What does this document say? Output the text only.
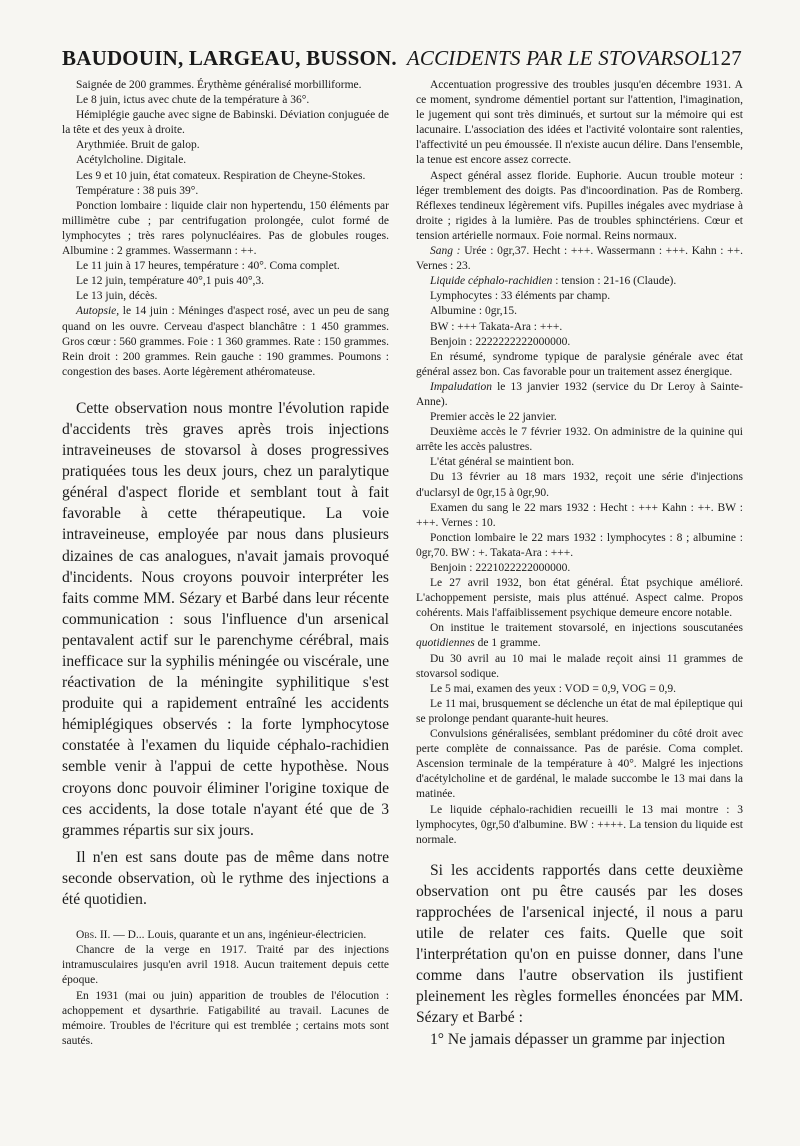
BAUDOUIN, LARGEAU, BUSSON. ACCIDENTS PAR LE STOVARSOL
127

Saignée de 200 grammes. Érythème généralisé morbilliforme.

Le 8 juin, ictus avec chute de la température à 36°.

Hémiplégie gauche avec signe de Babinski. Déviation conjuguée de la tête et des yeux à droite.

Arythmiée. Bruit de galop.

Acétylcholine. Digitale.

Les 9 et 10 juin, état comateux. Respiration de Cheyne-Stokes.

Température : 38 puis 39°.

Ponction lombaire : liquide clair non hypertendu, 150 éléments par millimètre cube ; par centrifugation prolongée, culot formé de lymphocytes ; très rares polynucléaires. Pas de globules rouges. Albumine : 2 grammes. Wassermann : ++.

Le 11 juin à 17 heures, température : 40°. Coma complet.

Le 12 juin, température 40°,1 puis 40°,3.

Le 13 juin, décès.

Autopsie, le 14 juin : Méninges d'aspect rosé, avec un peu de sang quand on les ouvre. Cerveau d'aspect blanchâtre : 1 450 grammes. Gros cœur : 560 grammes. Foie : 1 360 grammes. Rate : 150 grammes. Rein droit : 200 grammes. Rein gauche : 190 grammes. Poumons : congestion des bases. Aorte légèrement athéromateuse.

Cette observation nous montre l'évolution rapide d'accidents très graves après trois injections intraveineuses de stovarsol à doses progressives pratiquées tous les deux jours, chez un paralytique général d'aspect floride et semblant tout à fait favorable à cette thérapeutique. La voie intraveineuse, employée par nous dans plusieurs dizaines de cas analogues, n'avait jamais provoqué d'incidents. Nous croyons pouvoir interpréter les faits comme MM. Sézary et Barbé dans leur récente communication : sous l'influence d'un arsenical pentavalent actif sur le parenchyme cérébral, mais inefficace sur la syphilis méningée ou viscérale, une réactivation de la méningite syphilitique s'est produite qui a rapidement entraîné les accidents hémiplégiques observés : la forte lymphocytose constatée à l'examen du liquide céphalo-rachidien semble venir à l'appui de cette hypothèse. Nous croyons donc pouvoir éliminer l'origine toxique de ces accidents, la dose totale n'ayant été que de 3 grammes répartis sur six jours.

Il n'en est sans doute pas de même dans notre seconde observation, où le rythme des injections a été quotidien.

Obs. II. — D... Louis, quarante et un ans, ingénieur-électricien.

Chancre de la verge en 1917. Traité par des injections intramusculaires jusqu'en avril 1918. Aucun traitement depuis cette époque.

En 1931 (mai ou juin) apparition de troubles de l'élocution : achoppement et dysarthrie. Fatigabilité au travail. Lacunes de mémoire. Troubles de l'écriture qui est tremblée ; certains mots sont sautés.

Accentuation progressive des troubles jusqu'en décembre 1931. A ce moment, syndrome démentiel portant sur l'attention, l'imagination, le jugement qui sont très diminués, et surtout sur la mémoire qui est lacunaire. L'association des idées et l'activité volontaire sont ralenties, l'affectivité un peu émoussée. Il n'existe aucun délire. Dans l'ensemble, la tenue est encore assez correcte.

Aspect général assez floride. Euphorie. Aucun trouble moteur : léger tremblement des doigts. Pas d'incoordination. Pas de Romberg. Réflexes tendineux légèrement vifs. Pupilles inégales avec mydriase à droite ; rigides à la lumière. Pas de troubles sphinctériens. Cœur et tension artérielle normaux. Foie normal. Reins normaux.

Sang : Urée : 0gr,37. Hecht : +++. Wassermann : +++. Kahn : ++. Vernes : 23.

Liquide céphalo-rachidien : tension : 21-16 (Claude).

Lymphocytes : 33 éléments par champ.

Albumine : 0gr,15.

BW : +++ Takata-Ara : +++.

Benjoin : 2222222222000000.

En résumé, syndrome typique de paralysie générale avec état général assez bon. Cas favorable pour un traitement assez énergique.

Impaludation le 13 janvier 1932 (service du Dr Leroy à Sainte-Anne).

Premier accès le 22 janvier.

Deuxième accès le 7 février 1932. On administre de la quinine qui arrête les accès palustres.

L'état général se maintient bon.

Du 13 février au 18 mars 1932, reçoit une série d'injections d'uclarsyl de 0gr,15 à 0gr,90.

Examen du sang le 22 mars 1932 : Hecht : +++ Kahn : ++. BW : +++. Vernes : 10.

Ponction lombaire le 22 mars 1932 : lymphocytes : 8 ; albumine : 0gr,70. BW : +. Takata-Ara : +++.

Benjoin : 2221022222000000.

Le 27 avril 1932, bon état général. État psychique amélioré. L'achoppement persiste, mais plus atténué. Aspect calme. Propos cohérents. Mais l'affaiblissement psychique demeure encore notable.

On institue le traitement stovarsolé, en injections souscutanées quotidiennes de 1 gramme.

Du 30 avril au 10 mai le malade reçoit ainsi 11 grammes de stovarsol sodique.

Le 5 mai, examen des yeux : VOD = 0,9, VOG = 0,9.

Le 11 mai, brusquement se déclenche un état de mal épileptique qui se prolonge pendant quarante-huit heures.

Convulsions généralisées, semblant prédominer du côté droit avec perte complète de connaissance. Pas de parésie. Coma complet. Ascension terminale de la température à 40°. Malgré les injections d'acétylcholine et de gardénal, le malade succombe le 13 mai dans la matinée.

Le liquide céphalo-rachidien recueilli le 13 mai montre : 3 lymphocytes, 0gr,50 d'albumine. BW : ++++. La tension du liquide est normale.

Si les accidents rapportés dans cette deuxième observation ont pu être causés par les doses rapprochées de l'arsenical injecté, il nous a paru utile de relater ces faits. Quelle que soit l'interprétation qu'on en puisse donner, dans l'une comme dans l'autre observation ils justifient pleinement les règles formelles énoncées par MM. Sézary et Barbé :

1° Ne jamais dépasser un gramme par injection
